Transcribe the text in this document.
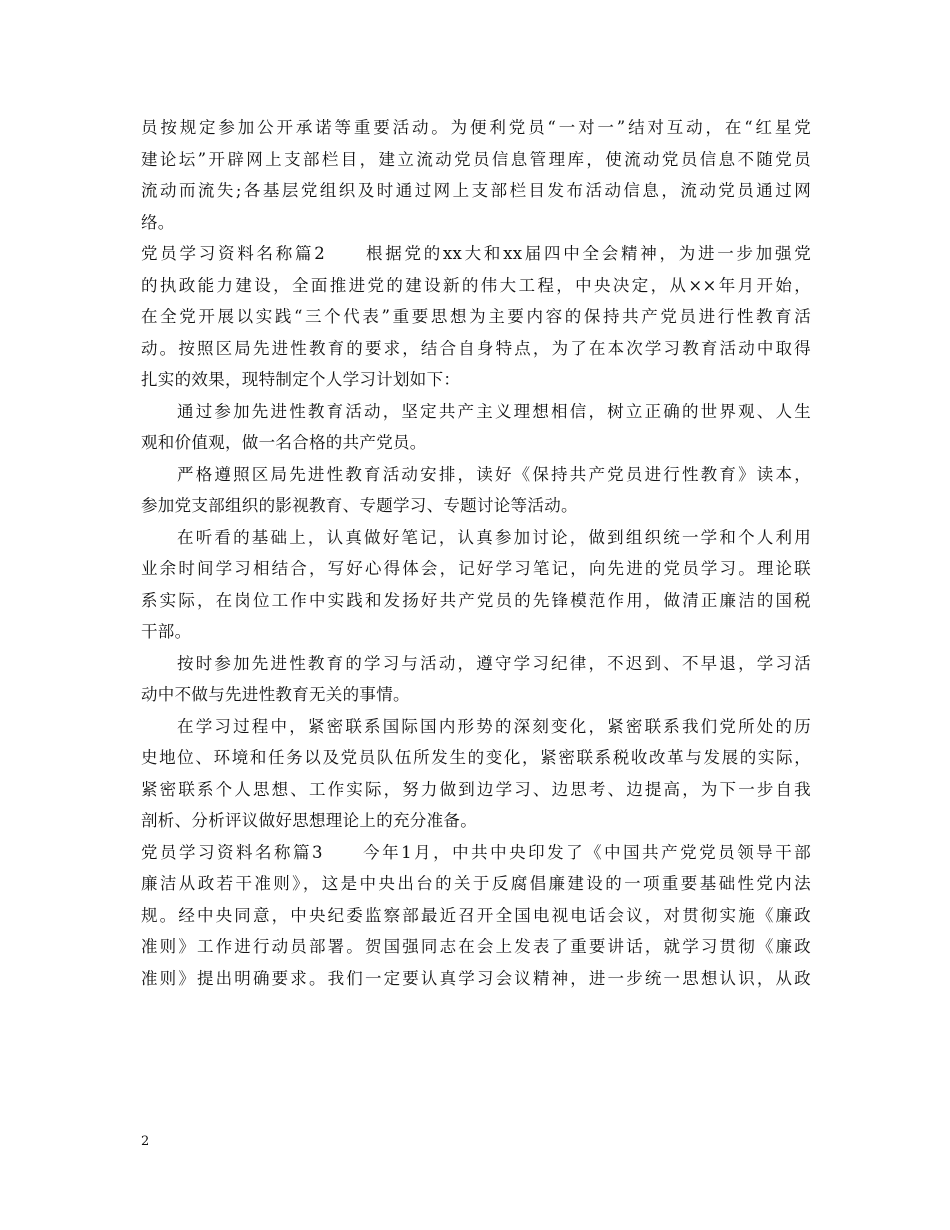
员按规定参加公开承诺等重要活动。为便利党员“一对一”结对互动，在“红星党
建论坛”开辟网上支部栏目，建立流动党员信息管理库，使流动党员信息不随党员
流动而流失;各基层党组织及时通过网上支部栏目发布活动信息，流动党员通过网
络。
党员学习资料名称篇2　　根据党的xx大和xx届四中全会精神，为进一步加强党
的执政能力建设，全面推进党的建设新的伟大工程，中央决定，从××年月开始，
在全党开展以实践“三个代表”重要思想为主要内容的保持共产党员进行性教育活
动。按照区局先进性教育的要求，结合自身特点，为了在本次学习教育活动中取得
扎实的效果，现特制定个人学习计划如下：
通过参加先进性教育活动，坚定共产主义理想相信，树立正确的世界观、人生
观和价值观，做一名合格的共产党员。
严格遵照区局先进性教育活动安排，读好《保持共产党员进行性教育》读本，
参加党支部组织的影视教育、专题学习、专题讨论等活动。
在听看的基础上，认真做好笔记，认真参加讨论，做到组织统一学和个人利用
业余时间学习相结合，写好心得体会，记好学习笔记，向先进的党员学习。理论联
系实际，在岗位工作中实践和发扬好共产党员的先锋模范作用，做清正廉洁的国税
干部。
按时参加先进性教育的学习与活动，遵守学习纪律，不迟到、不早退，学习活
动中不做与先进性教育无关的事情。
在学习过程中，紧密联系国际国内形势的深刻变化，紧密联系我们党所处的历
史地位、环境和任务以及党员队伍所发生的变化，紧密联系税收改革与发展的实际，
紧密联系个人思想、工作实际，努力做到边学习、边思考、边提高，为下一步自我
剖析、分析评议做好思想理论上的充分准备。
党员学习资料名称篇3　　今年1月，中共中央印发了《中国共产党党员领导干部
廉洁从政若干准则》，这是中央出台的关于反腐倡廉建设的一项重要基础性党内法
规。经中央同意，中央纪委监察部最近召开全国电视电话会议，对贯彻实施《廉政
准则》工作进行动员部署。贺国强同志在会上发表了重要讲话，就学习贯彻《廉政
准则》提出明确要求。我们一定要认真学习会议精神，进一步统一思想认识，从政
2
